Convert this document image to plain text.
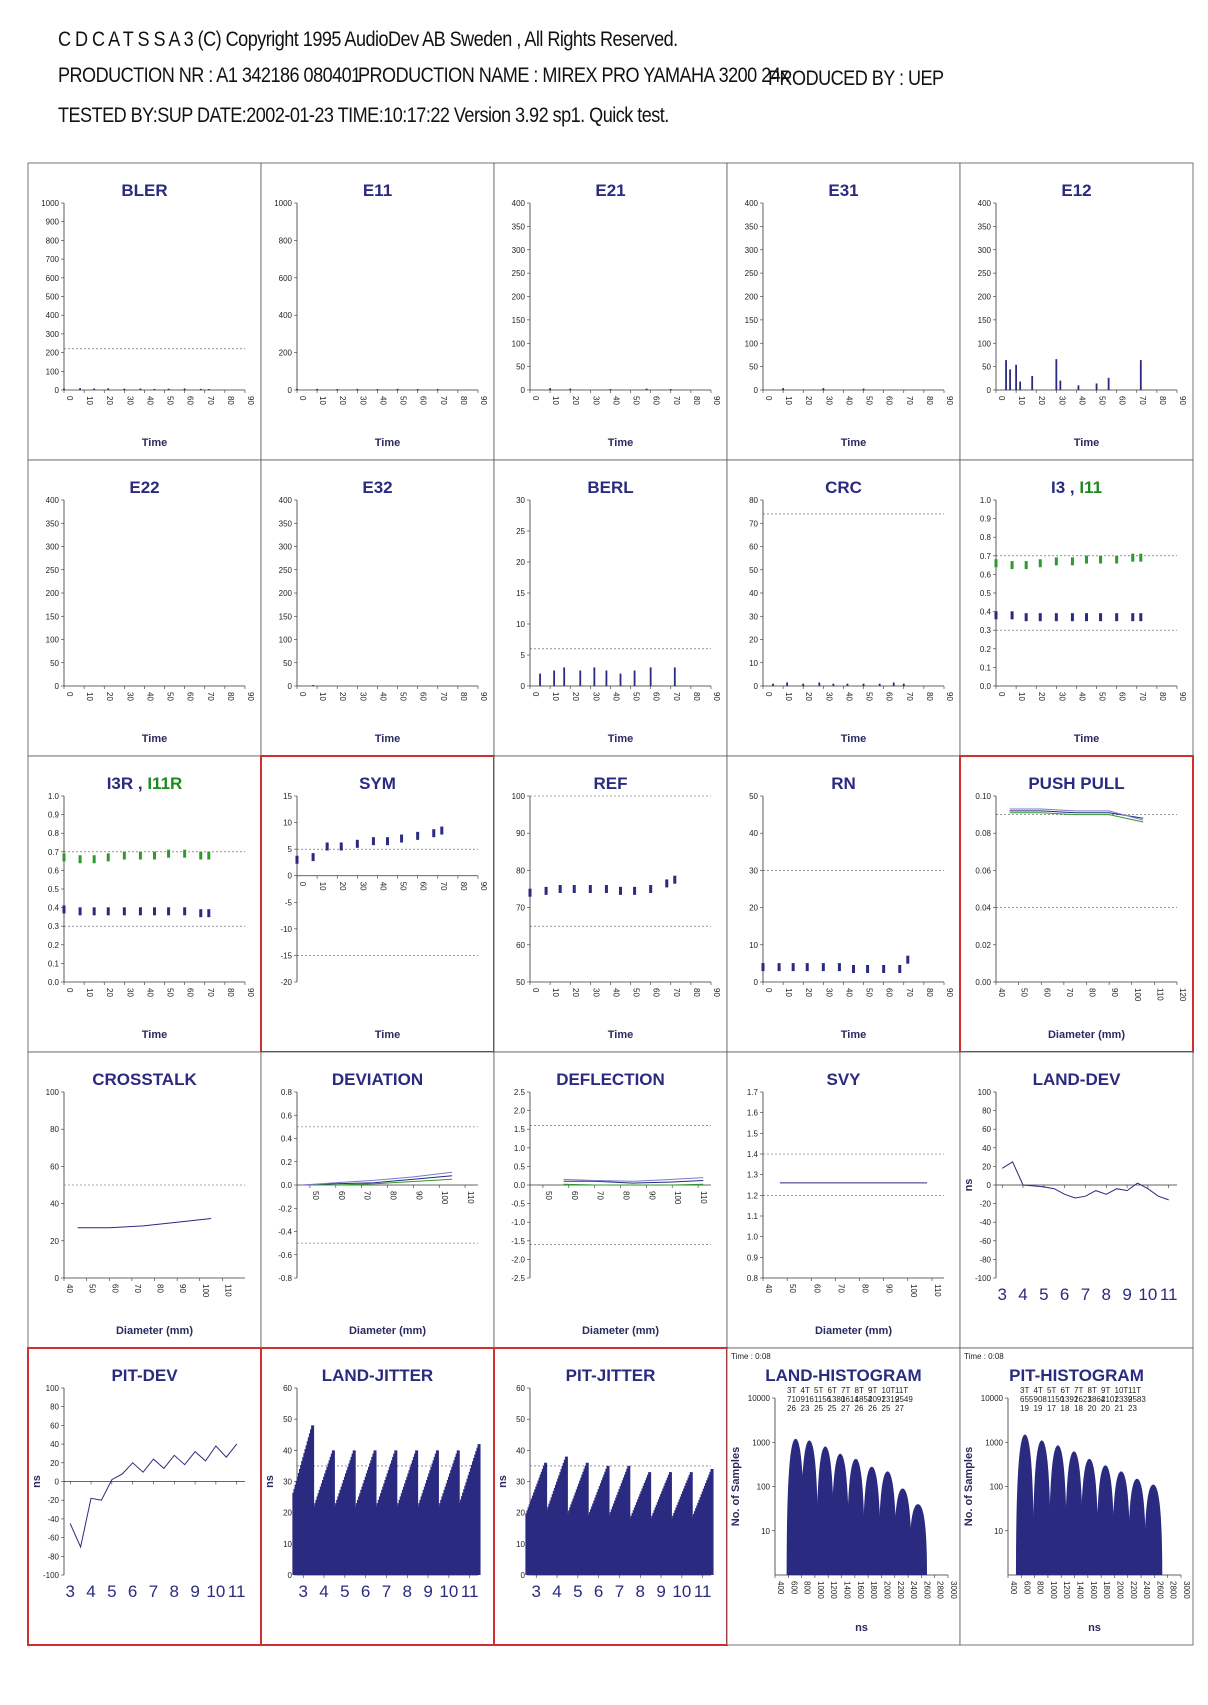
C D C A T S S A 3 (C) Copyright 1995 AudioDev AB Sweden , All Rights Reserved.
PRODUCTION NR : A1 342186 080401
PRODUCTION NAME : MIREX PRO YAMAHA 3200 24x
PRODUCED BY : UEP
TESTED BY:SUP DATE:2002-01-23 TIME:10:17:22 Version 3.92 sp1. Quick test.
BLER
0
100
200
300
400
500
600
700
800
900
1000
0 10 20 30 40 50 60 70 80 90
Time
E11
0
200
400
600
800
1000
0 10 20 30 40 50 60 70 80 90
Time
E21
0
50
100
150
200
250
300
350
400
0 10 20 30 40 50 60 70 80 90
Time
E31
0
50
100
150
200
250
300
350
400
0 10 20 30 40 50 60 70 80 90
Time
E12
0
50
100
150
200
250
300
350
400
0 10 20 30 40 50 60 70 80 90
Time
E22
0
50
100
150
200
250
300
350
400
0 10 20 30 40 50 60 70 80 90
Time
E32
0
50
100
150
200
250
300
350
400
0 10 20 30 40 50 60 70 80 90
Time
BERL
0
5
10
15
20
25
30
0 10 20 30 40 50 60 70 80 90
Time
CRC
0
10
20
30
40
50
60
70
80
0 10 20 30 40 50 60 70 80 90
Time
I3 , I11
0.0
0.1
0.2
0.3
0.4
0.5
0.6
0.7
0.8
0.9
1.0
0 10 20 30 40 50 60 70 80 90
Time
I3R , I11R
0.0
0.1
0.2
0.3
0.4
0.5
0.6
0.7
0.8
0.9
1.0
0 10 20 30 40 50 60 70 80 90
Time
SYM
-20
-15
-10
-5
0
5
10
15
0 10 20 30 40 50 60 70 80 90
Time
REF
50
60
70
80
90
100
0 10 20 30 40 50 60 70 80 90
Time
RN
0
10
20
30
40
50
0 10 20 30 40 50 60 70 80 90
Time
PUSH PULL
0.00
0.02
0.04
0.06
0.08
0.10
40 50 60 70 80 90 100 110 120
Diameter (mm)
CROSSTALK
0
20
40
60
80
100
40 50 60 70 80 90 100 110
Diameter (mm)
DEVIATION
-0.8
-0.6
-0.4
-0.2
0.0
0.2
0.4
0.6
0.8
50 60 70 80 90 100 110
Diameter (mm)
DEFLECTION
-2.5
-2.0
-1.5
-1.0
-0.5
0.0
0.5
1.0
1.5
2.0
2.5
50 60 70 80 90 100 110
Diameter (mm)
SVY
0.8
0.9
1.0
1.1
1.2
1.3
1.4
1.5
1.6
1.7
40 50 60 70 80 90 100 110
Diameter (mm)
LAND-DEV
-100
-80
-60
-40
-20
0
20
40
60
80
100
3 4 5 6 7 8 9 10 11
ns
PIT-DEV
-100
-80
-60
-40
-20
0
20
40
60
80
100
3 4 5 6 7 8 9 10 11
ns
LAND-JITTER
0
10
20
30
40
50
60
3 4 5 6 7 8 9 10 11
ns
PIT-JITTER
0
10
20
30
40
50
60
3 4 5 6 7 8 9 10 11
ns
LAND-HISTOGRAM
Time : 0:08
10
100
1000
10000
400 600 800 1000 1200 1400 1600 1800 2000 2200 2400 2600 2800 3000
ns
No. of Samples
3T 4T 5T 6T 7T 8T 9T 10T 11T
710 916 1156
1380
1614
1854
2091
2319
2549
26 23 25 25 27 26 26 25 27
PIT-HISTOGRAM
Time : 0:08
10
100
1000
10000
400 600 800 1000 1200 1400 1600 1800 2000 2200 2400 2600 2800 3000
ns
No. of Samples
3T 4T 5T 6T 7T 8T 9T 10T 11T
655 908 1150
1392
1623
1864
2101
2339
2583
19 19 17 18 18 20 20 21 23
